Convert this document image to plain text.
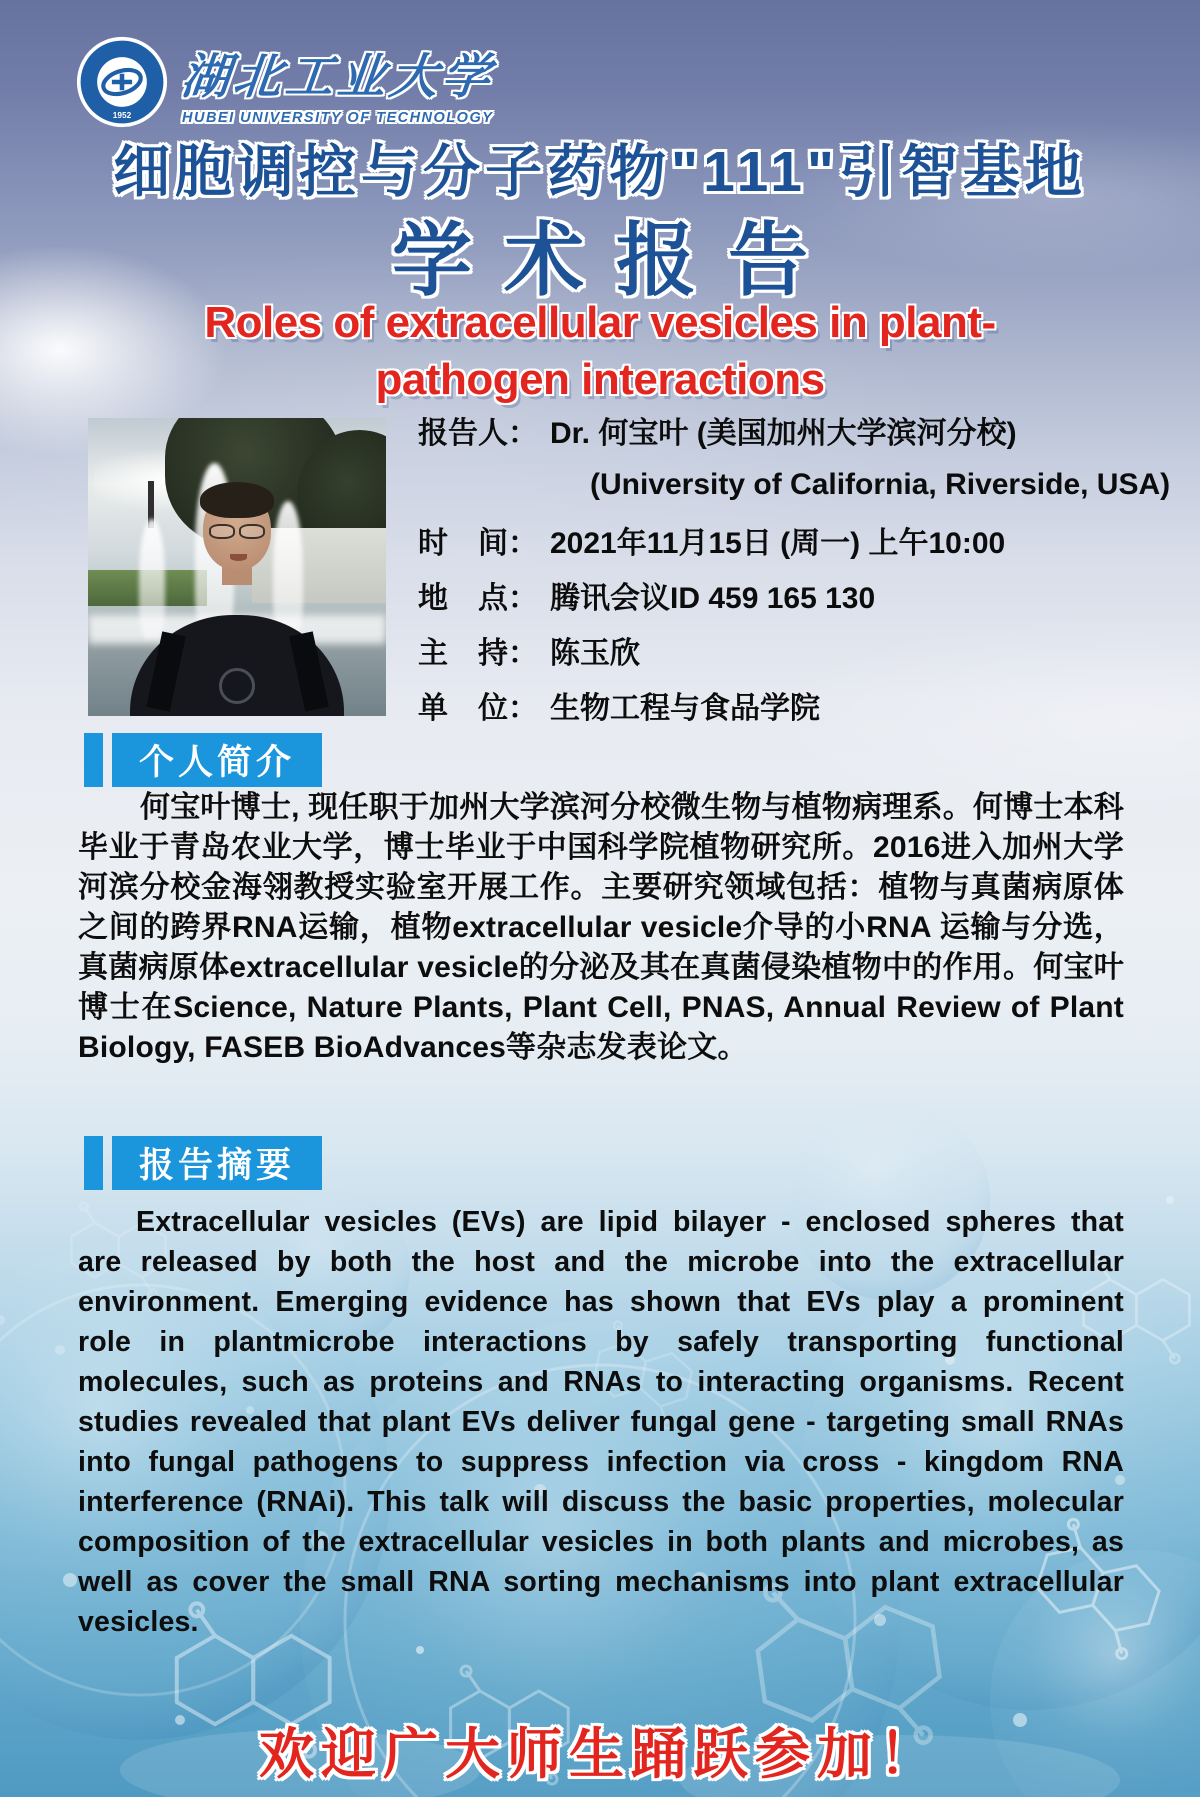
1952
湖北工业大学
HUBEI UNIVERSITY OF TECHNOLOGY
细胞调控与分子药物"111"引智基地
学术报告
Roles of extracellular vesicles in plant-
pathogen interactions
报告人： Dr. 何宝叶 (美国加州大学滨河分校)
(University of California, Riverside, USA)
时　间： 2021年11月15日 (周一) 上午10:00
地　点： 腾讯会议ID 459 165 130
主　持： 陈玉欣
单　位： 生物工程与食品学院
个人简介

何宝叶博士, 现任职于加州大学滨河分校微生物与植物病理系。何博士本科毕业于青岛农业大学，博士毕业于中国科学院植物研究所。2016进入加州大学河滨分校金海翎教授实验室开展工作。主要研究领域包括：植物与真菌病原体之间的跨界RNA运输，植物extracellular vesicle介导的小RNA 运输与分选，真菌病原体extracellular vesicle的分泌及其在真菌侵染植物中的作用。何宝叶博士在Science, Nature Plants, Plant Cell, PNAS, Annual Review of Plant Biology, FASEB BioAdvances等杂志发表论文。

报告摘要

Extracellular vesicles (EVs) are lipid bilayer - enclosed spheres that are released by both the host and the microbe into the extracellular environment. Emerging evidence has shown that EVs play a prominent role in plantmicrobe interactions by safely transporting functional molecules, such as proteins and RNAs to interacting organisms. Recent studies revealed that plant EVs deliver fungal gene - targeting small RNAs into fungal pathogens to suppress infection via cross - kingdom RNA interference (RNAi). This talk will discuss the basic properties, molecular composition of the extracellular vesicles in both plants and microbes, as well as cover the small RNA sorting mechanisms into plant extracellular vesicles.

欢迎广大师生踊跃参加！
